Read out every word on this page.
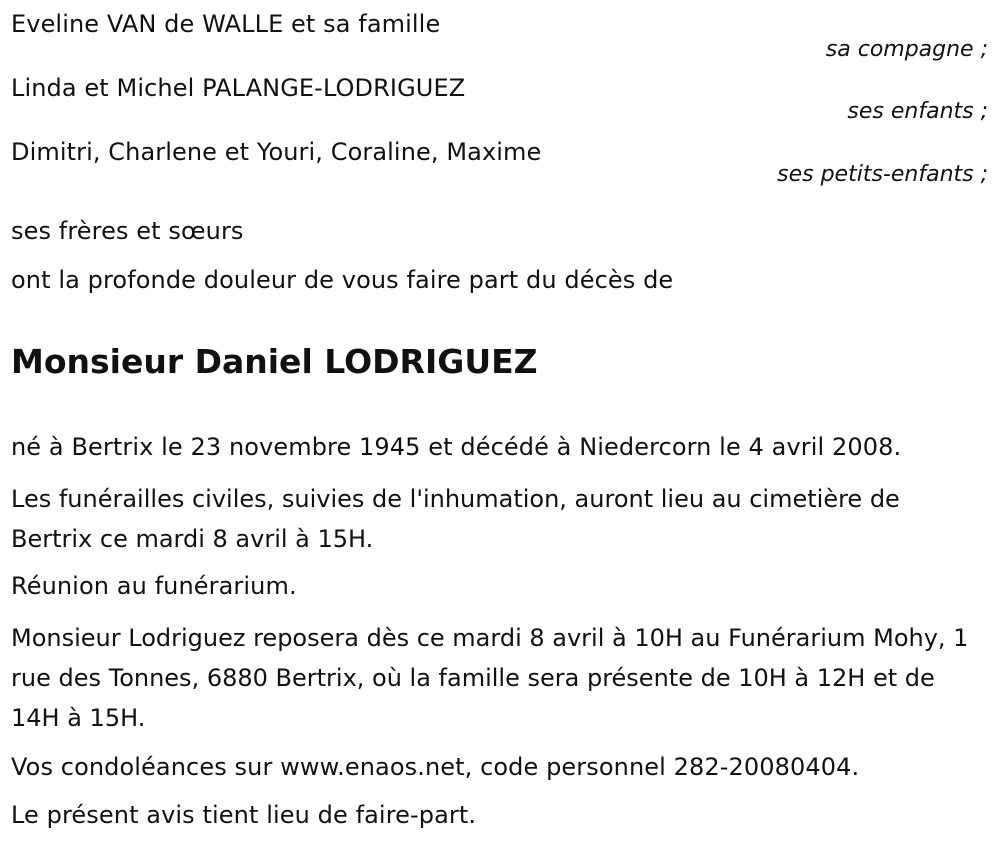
Eveline VAN de WALLE et sa famille
sa compagne ;
Linda et Michel PALANGE-LODRIGUEZ
ses enfants ;
Dimitri, Charlene et Youri, Coraline, Maxime
ses petits-enfants ;
ses frères et sœurs
ont la profonde douleur de vous faire part du décès de
Monsieur Daniel LODRIGUEZ
né à Bertrix le 23 novembre 1945 et décédé à Niedercorn le 4 avril 2008.
Les funérailles civiles, suivies de l'inhumation, auront lieu au cimetière de Bertrix ce mardi 8 avril à 15H.
Réunion au funérarium.
Monsieur Lodriguez reposera dès ce mardi 8 avril à 10H au Funérarium Mohy, 1 rue des Tonnes, 6880 Bertrix, où la famille sera présente de 10H à 12H et de 14H à 15H.
Vos condoléances sur www.enaos.net, code personnel 282-20080404.
Le présent avis tient lieu de faire-part.
